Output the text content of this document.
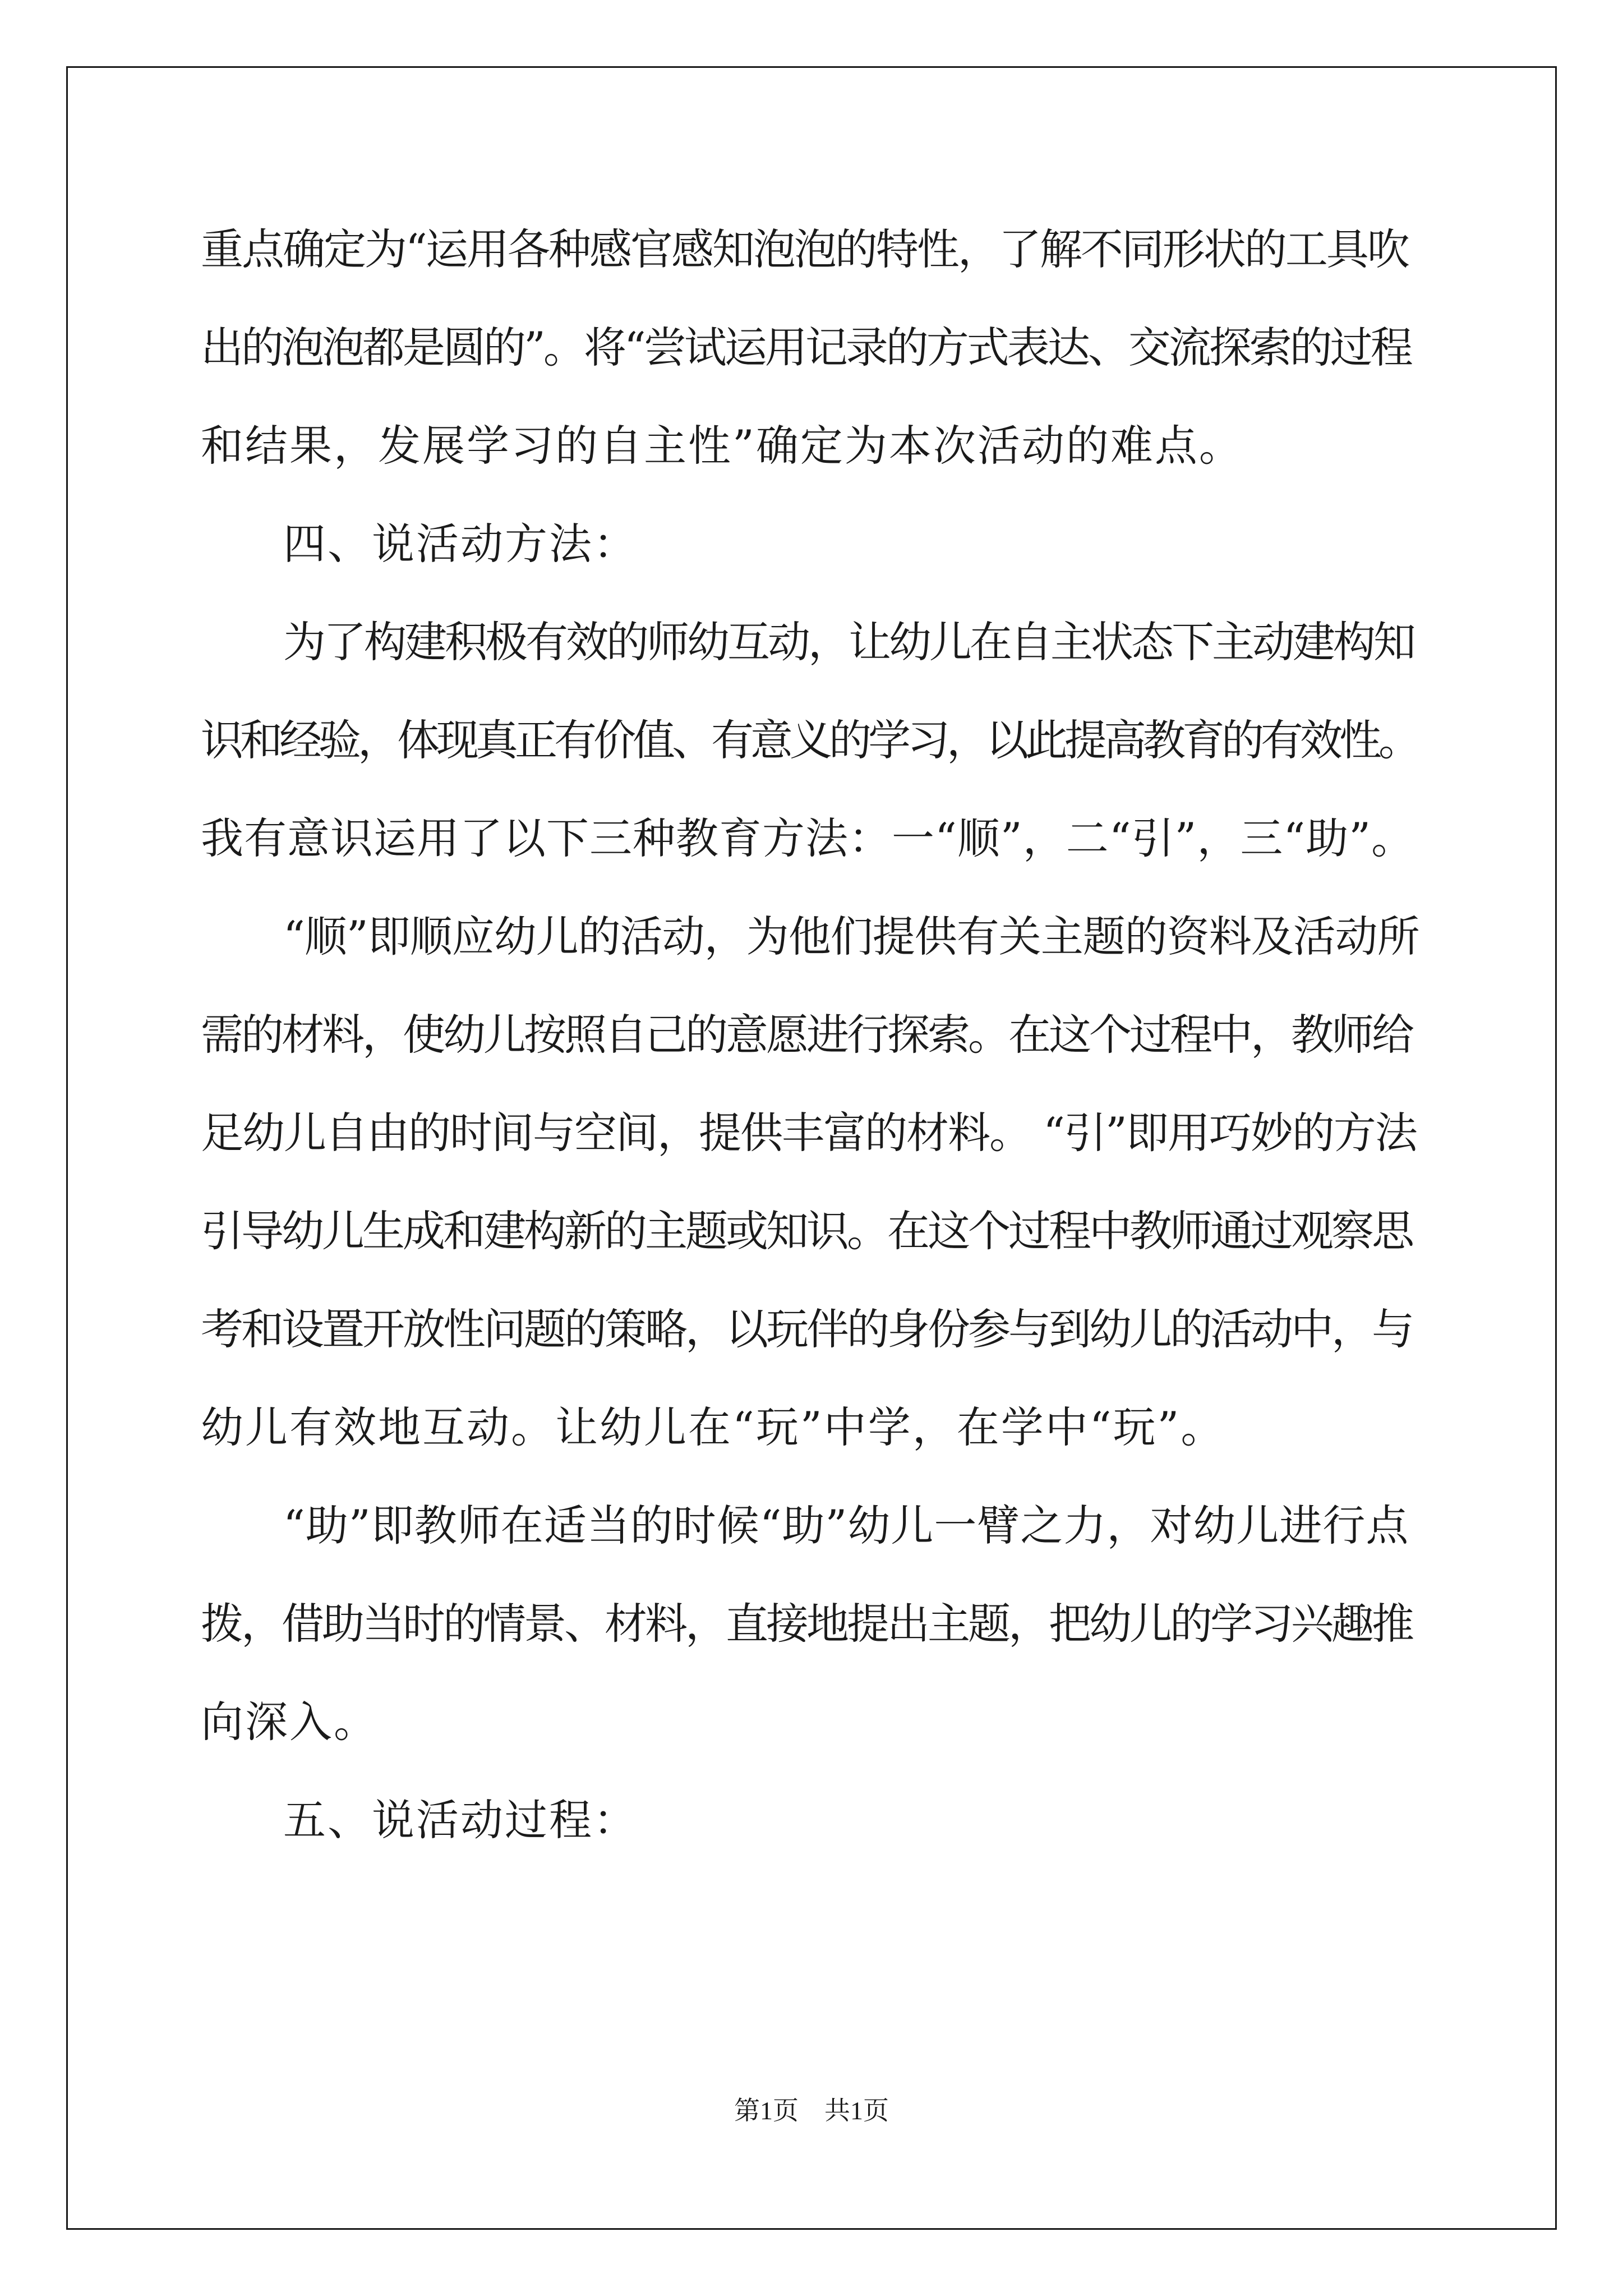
重点确定为“运用各种感官感知泡泡的特性，了解不同形状的工具吹

出的泡泡都是圆的”。将“尝试运用记录的方式表达、交流探索的过程

和结果，发展学习的自主性”确定为本次活动的难点。

四、说活动方法：

为了构建积极有效的师幼互动，让幼儿在自主状态下主动建构知

识和经验，体现真正有价值、有意义的学习，以此提高教育的有效性。

我有意识运用了以下三种教育方法：一“顺”，二“引”，三“助”。

“顺”即顺应幼儿的活动，为他们提供有关主题的资料及活动所

需的材料，使幼儿按照自己的意愿进行探索。在这个过程中，教师给

足幼儿自由的时间与空间，提供丰富的材料。 “引”即用巧妙的方法

引导幼儿生成和建构新的主题或知识。在这个过程中教师通过观察思

考和设置开放性问题的策略，以玩伴的身份参与到幼儿的活动中，与

幼儿有效地互动。让幼儿在“玩”中学，在学中“玩”。

“助”即教师在适当的时候“助”幼儿一臂之力，对幼儿进行点

拨，借助当时的情景、材料，直接地提出主题，把幼儿的学习兴趣推

向深入。

五、说活动过程：

第1页　共1页
